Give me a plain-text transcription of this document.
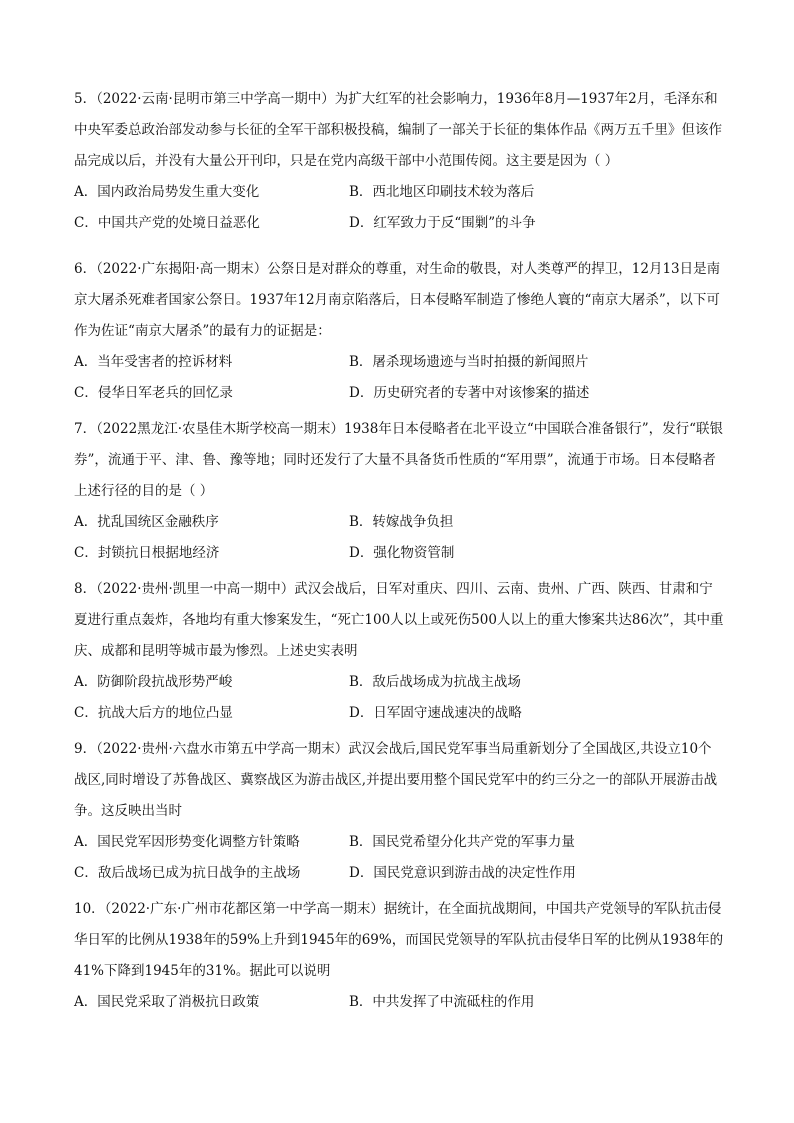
5．（2022·云南·昆明市第三中学高一期中）为扩大红军的社会影响力，1936年8月—1937年2月，毛泽东和中央军委总政治部发动参与长征的全军干部积极投稿，编制了一部关于长征的集体作品《两万五千里》但该作品完成以后，并没有大量公开刊印，只是在党内高级干部中小范围传阅。这主要是因为（ ）

A．国内政治局势发生重大变化	B．西北地区印刷技术较为落后
C．中国共产党的处境日益恶化	D．红军致力于反“围剿”的斗争

6．（2022·广东揭阳·高一期末）公祭日是对群众的尊重，对生命的敬畏，对人类尊严的捍卫，12月13日是南京大屠杀死难者国家公祭日。1937年12月南京陷落后，日本侵略军制造了惨绝人寰的“南京大屠杀”，以下可作为佐证“南京大屠杀”的最有力的证据是：

A．当年受害者的控诉材料	B．屠杀现场遗迹与当时拍摄的新闻照片
C．侵华日军老兵的回忆录	D．历史研究者的专著中对该惨案的描述

7．（2022黑龙江·农垦佳木斯学校高一期末）1938年日本侵略者在北平设立“中国联合准备银行”，发行“联银券”，流通于平、津、鲁、豫等地；同时还发行了大量不具备货币性质的“军用票”，流通于市场。日本侵略者上述行径的目的是（ ）

A．扰乱国统区金融秩序	B．转嫁战争负担
C．封锁抗日根据地经济	D．强化物资管制

8．（2022·贵州·凯里一中高一期中）武汉会战后，日军对重庆、四川、云南、贵州、广西、陕西、甘肃和宁夏进行重点轰炸，各地均有重大惨案发生，“死亡100人以上或死伤500人以上的重大惨案共达86次”，其中重庆、成都和昆明等城市最为惨烈。上述史实表明

A．防御阶段抗战形势严峻	B．敌后战场成为抗战主战场
C．抗战大后方的地位凸显	D．日军固守速战速决的战略

9．（2022·贵州·六盘水市第五中学高一期末）武汉会战后,国民党军事当局重新划分了全国战区,共设立10个战区,同时增设了苏鲁战区、冀察战区为游击战区,并提出要用整个国民党军中的约三分之一的部队开展游击战争。这反映出当时

A．国民党军因形势变化调整方针策略	B．国民党希望分化共产党的军事力量
C．敌后战场已成为抗日战争的主战场	D．国民党意识到游击战的决定性作用

10．（2022·广东·广州市花都区第一中学高一期末）据统计，在全面抗战期间，中国共产党领导的军队抗击侵华日军的比例从1938年的59%上升到1945年的69%，而国民党领导的军队抗击侵华日军的比例从1938年的41%下降到1945年的31%。据此可以说明

A．国民党采取了消极抗日政策	B．中共发挥了中流砥柱的作用
